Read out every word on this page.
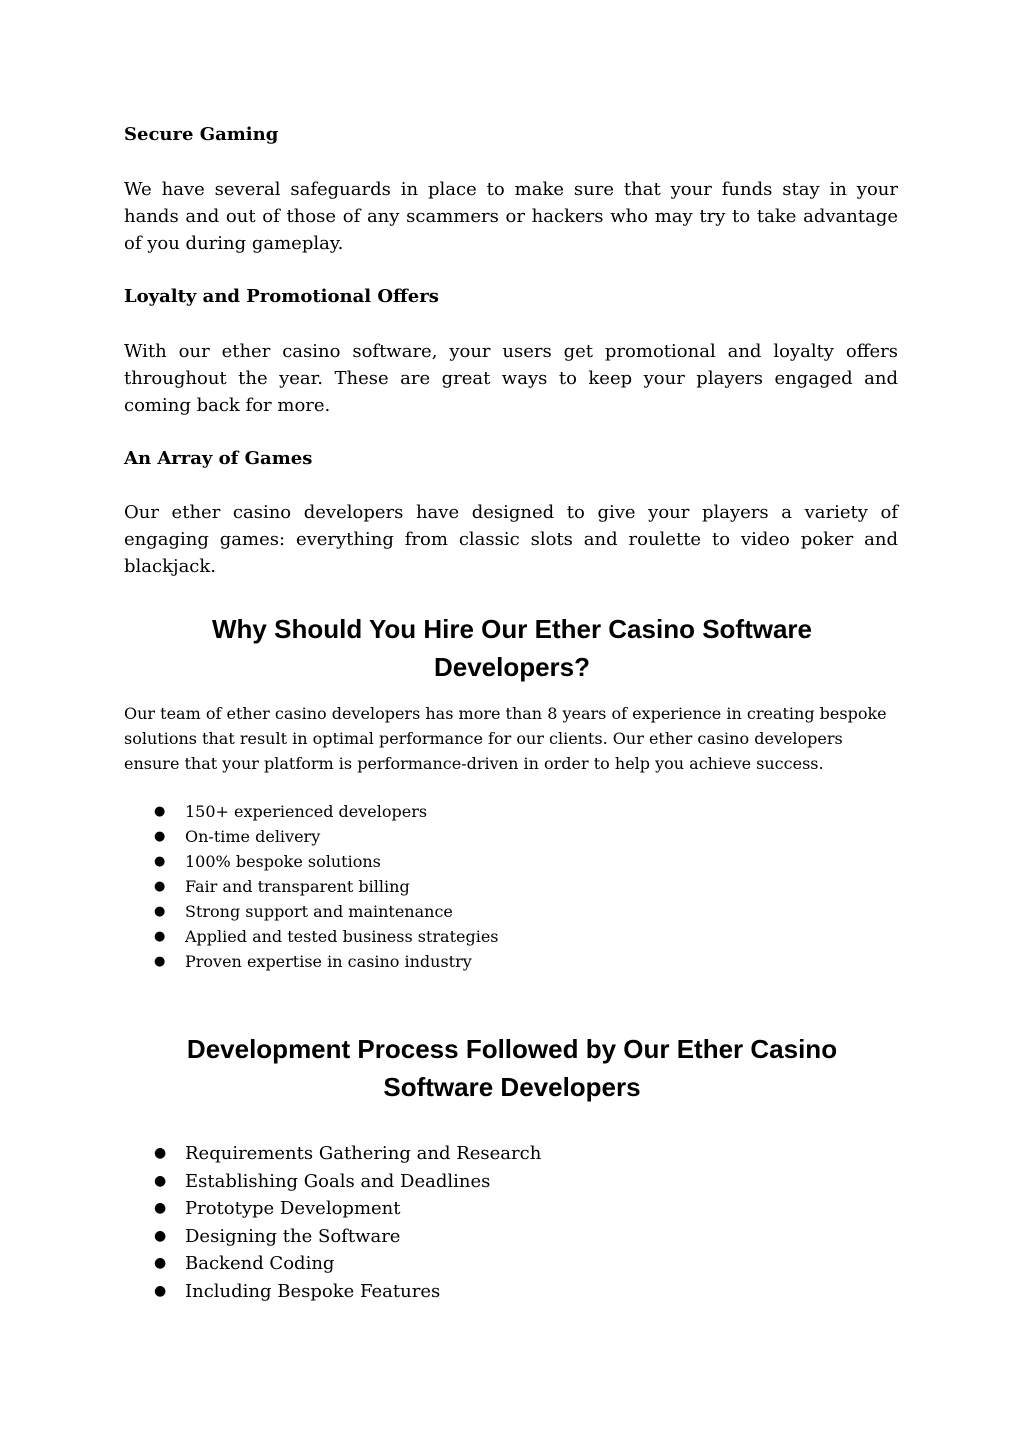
Secure Gaming

We have several safeguards in place to make sure that your funds stay in your hands and out of those of any scammers or hackers who may try to take advantage of you during gameplay.

Loyalty and Promotional Offers

With our ether casino software, your users get promotional and loyalty offers throughout the year. These are great ways to keep your players engaged and coming back for more.

An Array of Games

Our ether casino developers have designed to give your players a variety of engaging games: everything from classic slots and roulette to video poker and blackjack.

Why Should You Hire Our Ether Casino Software Developers?

Our team of ether casino developers has more than 8 years of experience in creating bespoke solutions that result in optimal performance for our clients. Our ether casino developers ensure that your platform is performance-driven in order to help you achieve success.

● 150+ experienced developers
● On-time delivery
● 100% bespoke solutions
● Fair and transparent billing
● Strong support and maintenance
● Applied and tested business strategies
● Proven expertise in casino industry
Development Process Followed by Our Ether Casino Software Developers
● Requirements Gathering and Research
● Establishing Goals and Deadlines
● Prototype Development
● Designing the Software
● Backend Coding
● Including Bespoke Features
